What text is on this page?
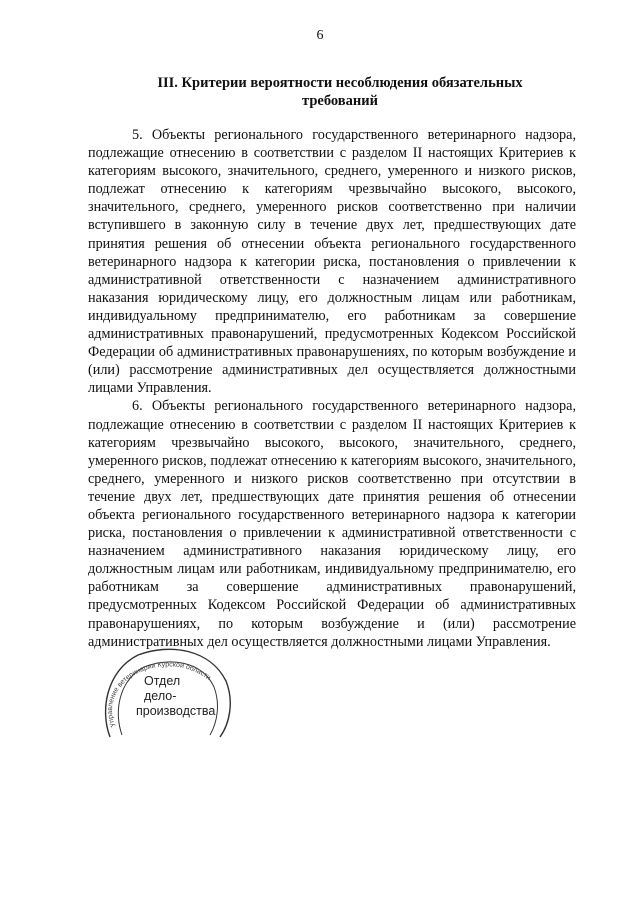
6
III. Критерии вероятности несоблюдения обязательных
требований

5. Объекты регионального государственного ветеринарного надзора, подлежащие отнесению в соответствии с разделом II настоящих Критериев к категориям высокого, значительного, среднего, умеренного и низкого рисков, подлежат отнесению к категориям чрезвычайно высокого, высокого, значительного, среднего, умеренного рисков соответственно при наличии вступившего в законную силу в течение двух лет, предшествующих дате принятия решения об отнесении объекта регионального государственного ветеринарного надзора к категории риска, постановления о привлечении к административной ответственности с назначением административного наказания юридическому лицу, его должностным лицам или работникам, индивидуальному предпринимателю, его работникам за совершение административных правонарушений, предусмотренных Кодексом Российской Федерации об административных правонарушениях, по которым возбуждение и (или) рассмотрение административных дел осуществляется должностными лицами Управления.

6. Объекты регионального государственного ветеринарного надзора, подлежащие отнесению в соответствии с разделом II настоящих Критериев к категориям чрезвычайно высокого, высокого, значительного, среднего, умеренного рисков, подлежат отнесению к категориям высокого, значительного, среднего, умеренного и низкого рисков соответственно при отсутствии в течение двух лет, предшествующих дате принятия решения об отнесении объекта регионального государственного ветеринарного надзора к категории риска, постановления о привлечении к административной ответственности с назначением административного наказания юридическому лицу, его должностным лицам или работникам, индивидуальному предпринимателю, его работникам за совершение административных правонарушений, предусмотренных Кодексом Российской Федерации об административных правонарушениях, по которым возбуждение и (или) рассмотрение административных дел осуществляется должностными лицами Управления.

Управление ветеринарии Курской области
Отдел
дело-
производства
